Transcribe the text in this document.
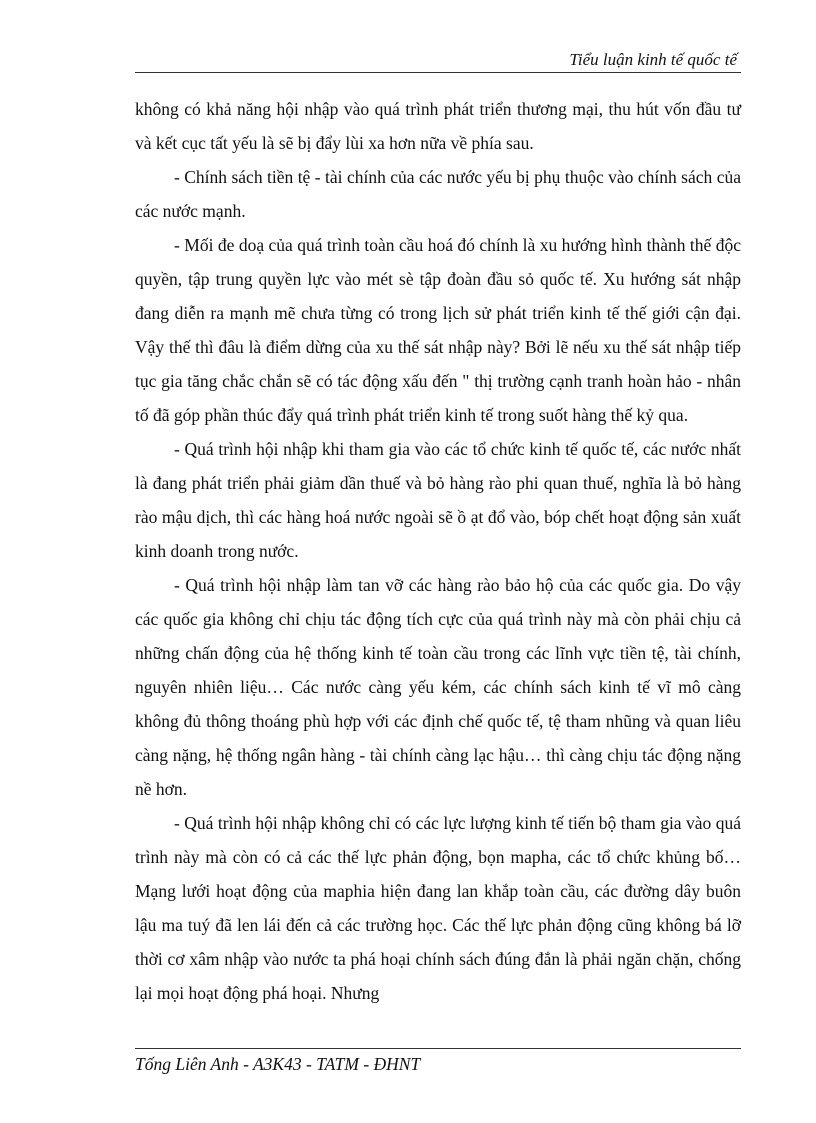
Tiểu luận kinh tế quốc tế

không có khả năng hội nhập vào quá trình phát triển thương mại, thu hút vốn đầu tư và kết cục tất yếu là sẽ bị đẩy lùi xa hơn nữa về phía sau.

- Chính sách tiền tệ - tài chính của các nước yếu bị phụ thuộc vào chính sách của các nước mạnh.

- Mối đe doạ của quá trình toàn cầu hoá đó chính là xu hướng hình thành thế độc quyền, tập trung quyền lực vào mét sè tập đoàn đầu sỏ quốc tế. Xu hướng sát nhập đang diễn ra mạnh mẽ chưa từng có trong lịch sử phát triển kinh tế thế giới cận đại. Vậy thế thì đâu là điểm dừng của xu thế sát nhập này? Bởi lẽ nếu xu thế sát nhập tiếp tục gia tăng chắc chắn sẽ có tác động xấu đến " thị trường cạnh tranh hoàn hảo - nhân tố đã góp phần thúc đẩy quá trình phát triển kinh tế trong suốt hàng thế kỷ qua.

- Quá trình hội nhập khi tham gia vào các tổ chức kinh tế quốc tế, các nước nhất là đang phát triển phải giảm dần thuế và bỏ hàng rào phi quan thuế, nghĩa là bỏ hàng rào mậu dịch, thì các hàng hoá nước ngoài sẽ ồ ạt đổ vào, bóp chết hoạt động sản xuất kinh doanh trong nước.

- Quá trình hội nhập làm tan vỡ các hàng rào bảo hộ của các quốc gia. Do vậy các quốc gia không chỉ chịu tác động tích cực của quá trình này mà còn phải chịu cả những chấn động của hệ thống kinh tế toàn cầu trong các lĩnh vực tiền tệ, tài chính, nguyên nhiên liệu… Các nước càng yếu kém, các chính sách kinh tế vĩ mô càng không đủ thông thoáng phù hợp với các định chế quốc tế, tệ tham nhũng và quan liêu càng nặng, hệ thống ngân hàng - tài chính càng lạc hậu… thì càng chịu tác động nặng nề hơn.

- Quá trình hội nhập không chỉ có các lực lượng kinh tế tiến bộ tham gia vào quá trình này mà còn có cả các thế lực phản động, bọn mapha, các tổ chức khủng bố… Mạng lưới hoạt động của maphia hiện đang lan khắp toàn cầu, các đường dây buôn lậu ma tuý đã len lái đến cả các trường học. Các thế lực phản động cũng không bá lỡ thời cơ xâm nhập vào nước ta phá hoại chính sách đúng đắn là phải ngăn chặn, chống lại mọi hoạt động phá hoại. Nhưng

Tống Liên Anh - A3K43 - TATM - ĐHNT
